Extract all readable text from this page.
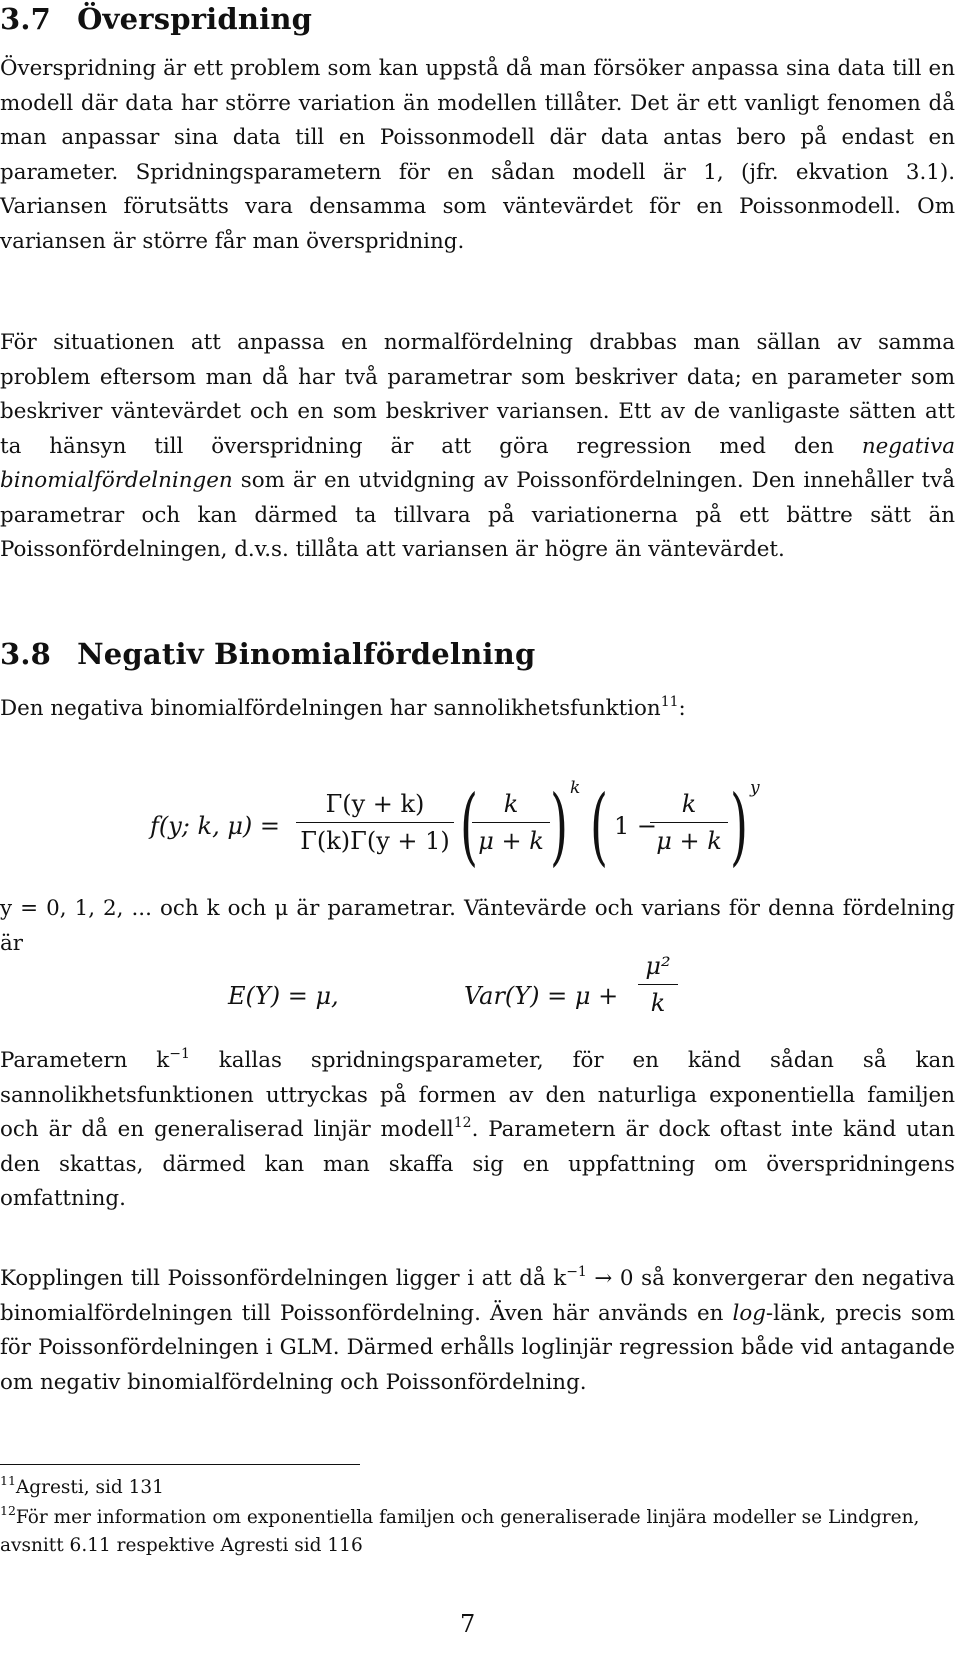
3.7 Överspridning

Överspridning är ett problem som kan uppstå då man försöker anpassa sina data till en modell där data har större variation än modellen tillåter. Det är ett vanligt fenomen då man anpassar sina data till en Poissonmodell där data antas bero på endast en parameter. Spridningsparametern för en sådan modell är 1, (jfr. ekvation 3.1). Variansen förutsätts vara densamma som väntevärdet för en Poissonmodell. Om variansen är större får man överspridning.

För situationen att anpassa en normalfördelning drabbas man sällan av samma problem eftersom man då har två parametrar som beskriver data; en parameter som beskriver väntevärdet och en som beskriver variansen. Ett av de vanligaste sätten att ta hänsyn till överspridning är att göra regression med den negativa binomialfördelningen som är en utvidgning av Poissonfördelningen. Den innehåller två parametrar och kan därmed ta tillvara på variationerna på ett bättre sätt än Poissonfördelningen, d.v.s. tillåta att variansen är högre än väntevärdet.

3.8 Negativ Binomialfördelning

Den negativa binomialfördelningen har sannolikhetsfunktion$^{11}$:

f(y; k, μ) =
Γ(y + k)
Γ(k)Γ(y + 1) (	k
μ + k ) k ( 1 −
k
μ + k ) y

y = 0, 1, 2, ... och k och μ är parametrar. Väntevärde och varians för denna fördelning är

E(Y) = μ,	Var(Y) = μ +
μ²
k

Parametern k$^{-1}$ kallas spridningsparameter, för en känd sådan så kan sannolikhetsfunktionen uttryckas på formen av den naturliga exponentiella familjen och är då en generaliserad linjär modell$^{12}$. Parametern är dock oftast inte känd utan den skattas, därmed kan man skaffa sig en uppfattning om överspridningens omfattning.

Kopplingen till Poissonfördelningen ligger i att då k$^{-1}$ → 0 så konvergerar den negativa binomialfördelningen till Poissonfördelning. Även här används en log-länk, precis som för Poissonfördelningen i GLM. Därmed erhålls loglinjär regression både vid antagande om negativ binomialfördelning och Poissonfördelning.

$^{11}$Agresti, sid 131

$^{12}$För mer information om exponentiella familjen och generaliserade linjära modeller se Lindgren, avsnitt 6.11 respektive Agresti sid 116

7
